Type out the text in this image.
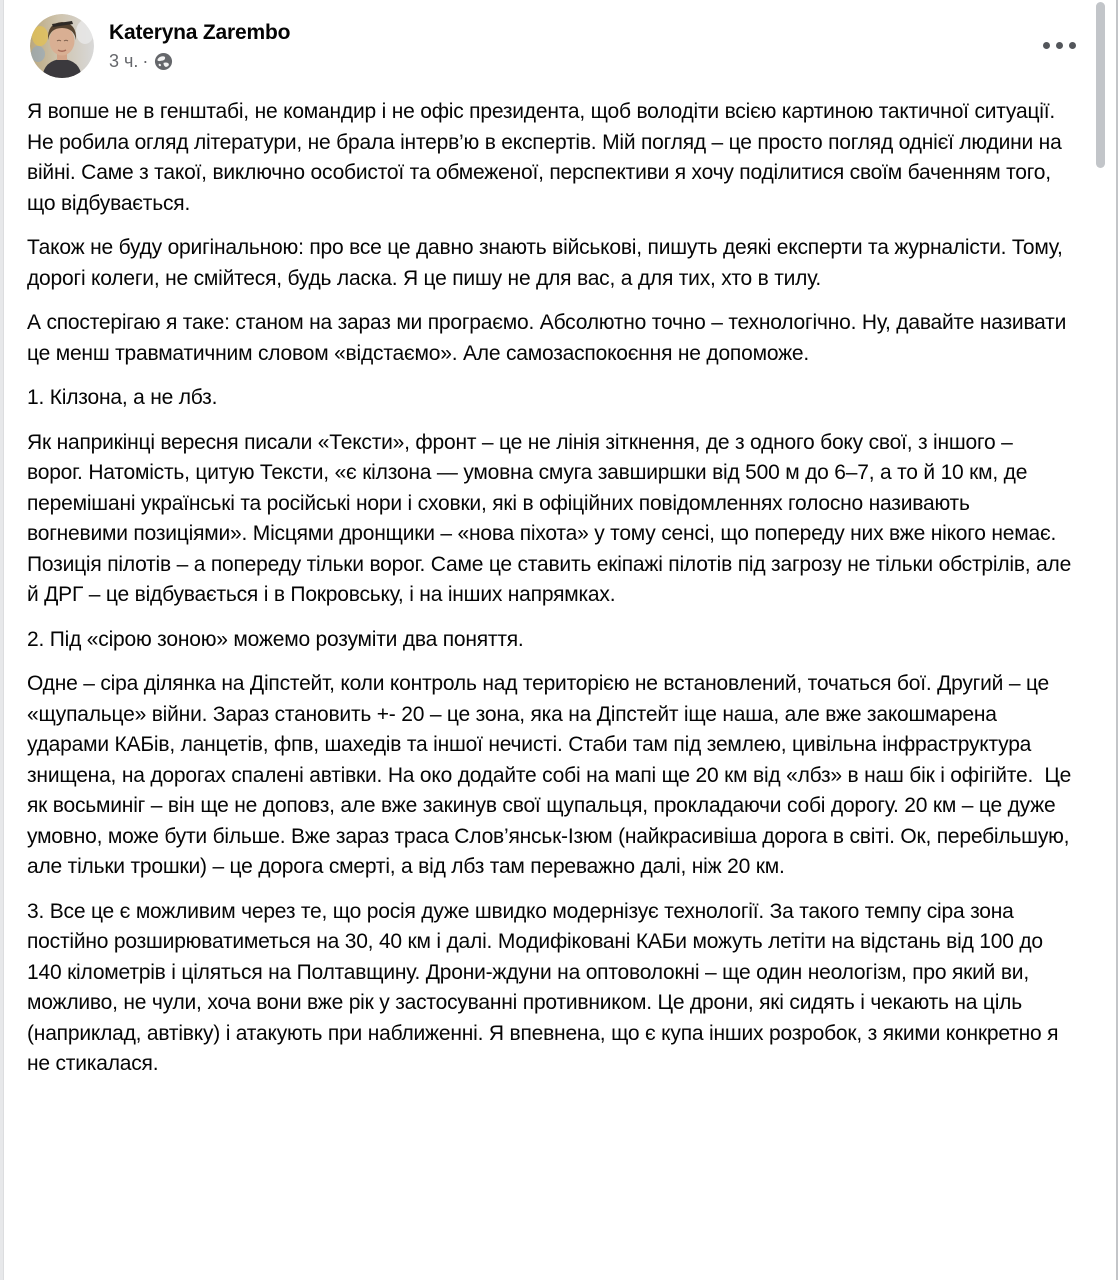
Kateryna Zarembo
3 ч. ·

Я вопше не в генштабі, не командир і не офіс президента, щоб володіти всією картиною тактичної ситуації. Не робила огляд літератури, не брала інтерв’ю в експертів. Мій погляд – це просто погляд однієї людини на війні. Саме з такої, виключно особистої та обмеженої, перспективи я хочу поділитися своїм баченням того, що відбувається.

Також не буду оригінальною: про все це давно знають військові, пишуть деякі експерти та журналісти. Тому, дорогі колеги, не смійтеся, будь ласка. Я це пишу не для вас, а для тих, хто в тилу.

А спостерігаю я таке: станом на зараз ми програємо. Абсолютно точно – технологічно. Ну, давайте називати це менш травматичним словом «відстаємо». Але самозаспокоєння не допоможе.

1. Кілзона, а не лбз.

Як наприкінці вересня писали «Тексти», фронт – це не лінія зіткнення, де з одного боку свої, з іншого – ворог. Натомість, цитую Тексти, «є кілзона — умовна смуга завширшки від 500 м до 6–7, а то й 10 км, де перемішані українські та російські нори і сховки, які в офіційних повідомленнях голосно називають вогневими позиціями». Місцями дронщики – «нова піхота» у тому сенсі, що попереду них вже нікого немає. Позиція пілотів – а попереду тільки ворог. Саме це ставить екіпажі пілотів під загрозу не тільки обстрілів, але й ДРГ – це відбувається і в Покровську, і на інших напрямках.

2. Під «сірою зоною» можемо розуміти два поняття.

Одне – сіра ділянка на Діпстейт, коли контроль над територією не встановлений, точаться бої. Другий – це «щупальце» війни. Зараз становить +- 20 – це зона, яка на Діпстейт іще наша, але вже закошмарена ударами КАБів, ланцетів, фпв, шахедів та іншої нечисті. Стаби там під землею, цивільна інфраструктура знищена, на дорогах спалені автівки. На око додайте собі на мапі ще 20 км від «лбз» в наш бік і офігійте.  Це як восьминіг – він ще не доповз, але вже закинув свої щупальця, прокладаючи собі дорогу. 20 км – це дуже умовно, може бути більше. Вже зараз траса Слов’янськ-Ізюм (найкрасивіша дорога в світі. Ок, перебільшую, але тільки трошки) – це дорога смерті, а від лбз там переважно далі, ніж 20 км.

3. Все це є можливим через те, що росія дуже швидко модернізує технології. За такого темпу сіра зона постійно розширюватиметься на 30, 40 км і далі. Модифіковані КАБи можуть летіти на відстань від 100 до 140 кілометрів і ціляться на Полтавщину. Дрони-ждуни на оптоволокні – ще один неологізм, про який ви, можливо, не чули, хоча вони вже рік у застосуванні противником. Це дрони, які сидять і чекають на ціль (наприклад, автівку) і атакують при наближенні. Я впевнена, що є купа інших розробок, з якими конкретно я не стикалася.
